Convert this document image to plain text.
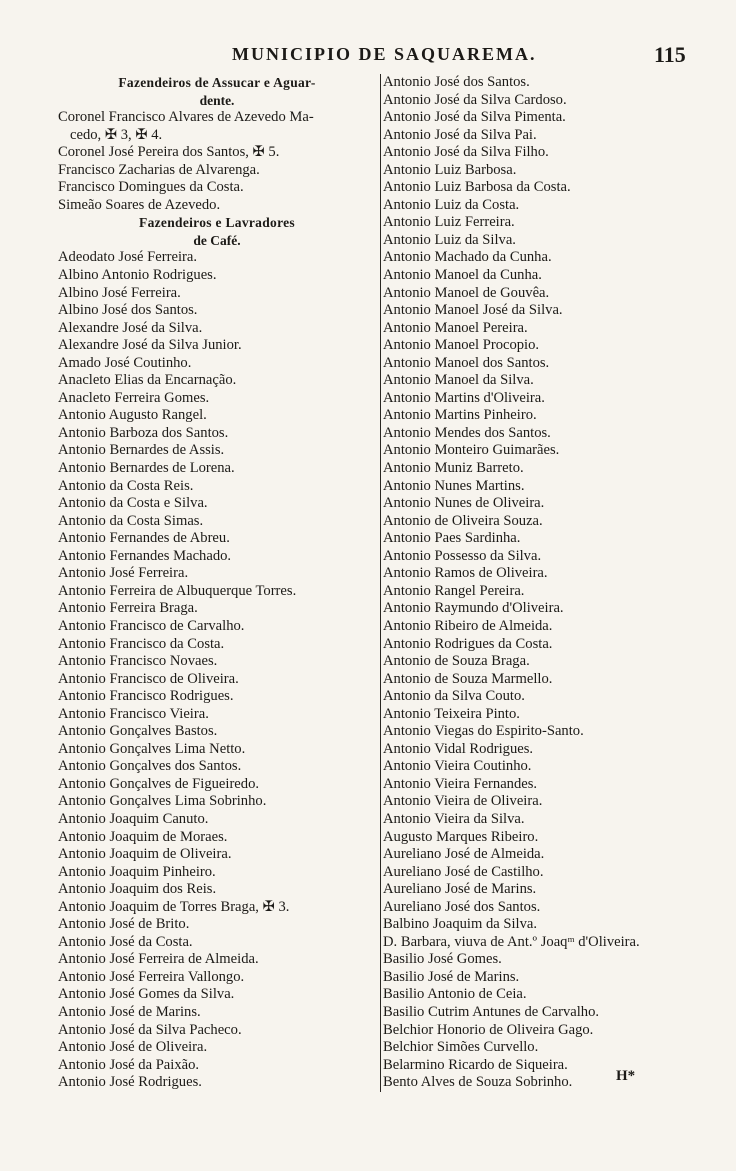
MUNICIPIO DE SAQUAREMA.	115
Fazendeiros de Assucar e Aguar-
dente.
Coronel Francisco Alvares de Azevedo Ma-
cedo, ✠ 3, ✠ 4.
Coronel José Pereira dos Santos, ✠ 5.
Francisco Zacharias de Alvarenga.
Francisco Domingues da Costa.
Simeão Soares de Azevedo.
Fazendeiros e Lavradores
de Café.
Adeodato José Ferreira.
Albino Antonio Rodrigues.
Albino José Ferreira.
Albino José dos Santos.
Alexandre José da Silva.
Alexandre José da Silva Junior.
Amado José Coutinho.
Anacleto Elias da Encarnação.
Anacleto Ferreira Gomes.
Antonio Augusto Rangel.
Antonio Barboza dos Santos.
Antonio Bernardes de Assis.
Antonio Bernardes de Lorena.
Antonio da Costa Reis.
Antonio da Costa e Silva.
Antonio da Costa Simas.
Antonio Fernandes de Abreu.
Antonio Fernandes Machado.
Antonio José Ferreira.
Antonio Ferreira de Albuquerque Torres.
Antonio Ferreira Braga.
Antonio Francisco de Carvalho.
Antonio Francisco da Costa.
Antonio Francisco Novaes.
Antonio Francisco de Oliveira.
Antonio Francisco Rodrigues.
Antonio Francisco Vieira.
Antonio Gonçalves Bastos.
Antonio Gonçalves Lima Netto.
Antonio Gonçalves dos Santos.
Antonio Gonçalves de Figueiredo.
Antonio Gonçalves Lima Sobrinho.
Antonio Joaquim Canuto.
Antonio Joaquim de Moraes.
Antonio Joaquim de Oliveira.
Antonio Joaquim Pinheiro.
Antonio Joaquim dos Reis.
Antonio Joaquim de Torres Braga, ✠ 3.
Antonio José de Brito.
Antonio José da Costa.
Antonio José Ferreira de Almeida.
Antonio José Ferreira Vallongo.
Antonio José Gomes da Silva.
Antonio José de Marins.
Antonio José da Silva Pacheco.
Antonio José de Oliveira.
Antonio José da Paixão.
Antonio José Rodrigues.
Antonio José dos Santos.
Antonio José da Silva Cardoso.
Antonio José da Silva Pimenta.
Antonio José da Silva Pai.
Antonio José da Silva Filho.
Antonio Luiz Barbosa.
Antonio Luiz Barbosa da Costa.
Antonio Luiz da Costa.
Antonio Luiz Ferreira.
Antonio Luiz da Silva.
Antonio Machado da Cunha.
Antonio Manoel da Cunha.
Antonio Manoel de Gouvêa.
Antonio Manoel José da Silva.
Antonio Manoel Pereira.
Antonio Manoel Procopio.
Antonio Manoel dos Santos.
Antonio Manoel da Silva.
Antonio Martins d'Oliveira.
Antonio Martins Pinheiro.
Antonio Mendes dos Santos.
Antonio Monteiro Guimarães.
Antonio Muniz Barreto.
Antonio Nunes Martins.
Antonio Nunes de Oliveira.
Antonio de Oliveira Souza.
Antonio Paes Sardinha.
Antonio Possesso da Silva.
Antonio Ramos de Oliveira.
Antonio Rangel Pereira.
Antonio Raymundo d'Oliveira.
Antonio Ribeiro de Almeida.
Antonio Rodrigues da Costa.
Antonio de Souza Braga.
Antonio de Souza Marmello.
Antonio da Silva Couto.
Antonio Teixeira Pinto.
Antonio Viegas do Espirito-Santo.
Antonio Vidal Rodrigues.
Antonio Vieira Coutinho.
Antonio Vieira Fernandes.
Antonio Vieira de Oliveira.
Antonio Vieira da Silva.
Augusto Marques Ribeiro.
Aureliano José de Almeida.
Aureliano José de Castilho.
Aureliano José de Marins.
Aureliano José dos Santos.
Balbino Joaquim da Silva.
D. Barbara, viuva de Ant.º Joaqᵐ d'Oliveira.
Basilio José Gomes.
Basilio José de Marins.
Basilio Antonio de Ceia.
Basilio Cutrim Antunes de Carvalho.
Belchior Honorio de Oliveira Gago.
Belchior Simões Curvello.
Belarmino Ricardo de Siqueira.
Bento Alves de Souza Sobrinho.	H*
